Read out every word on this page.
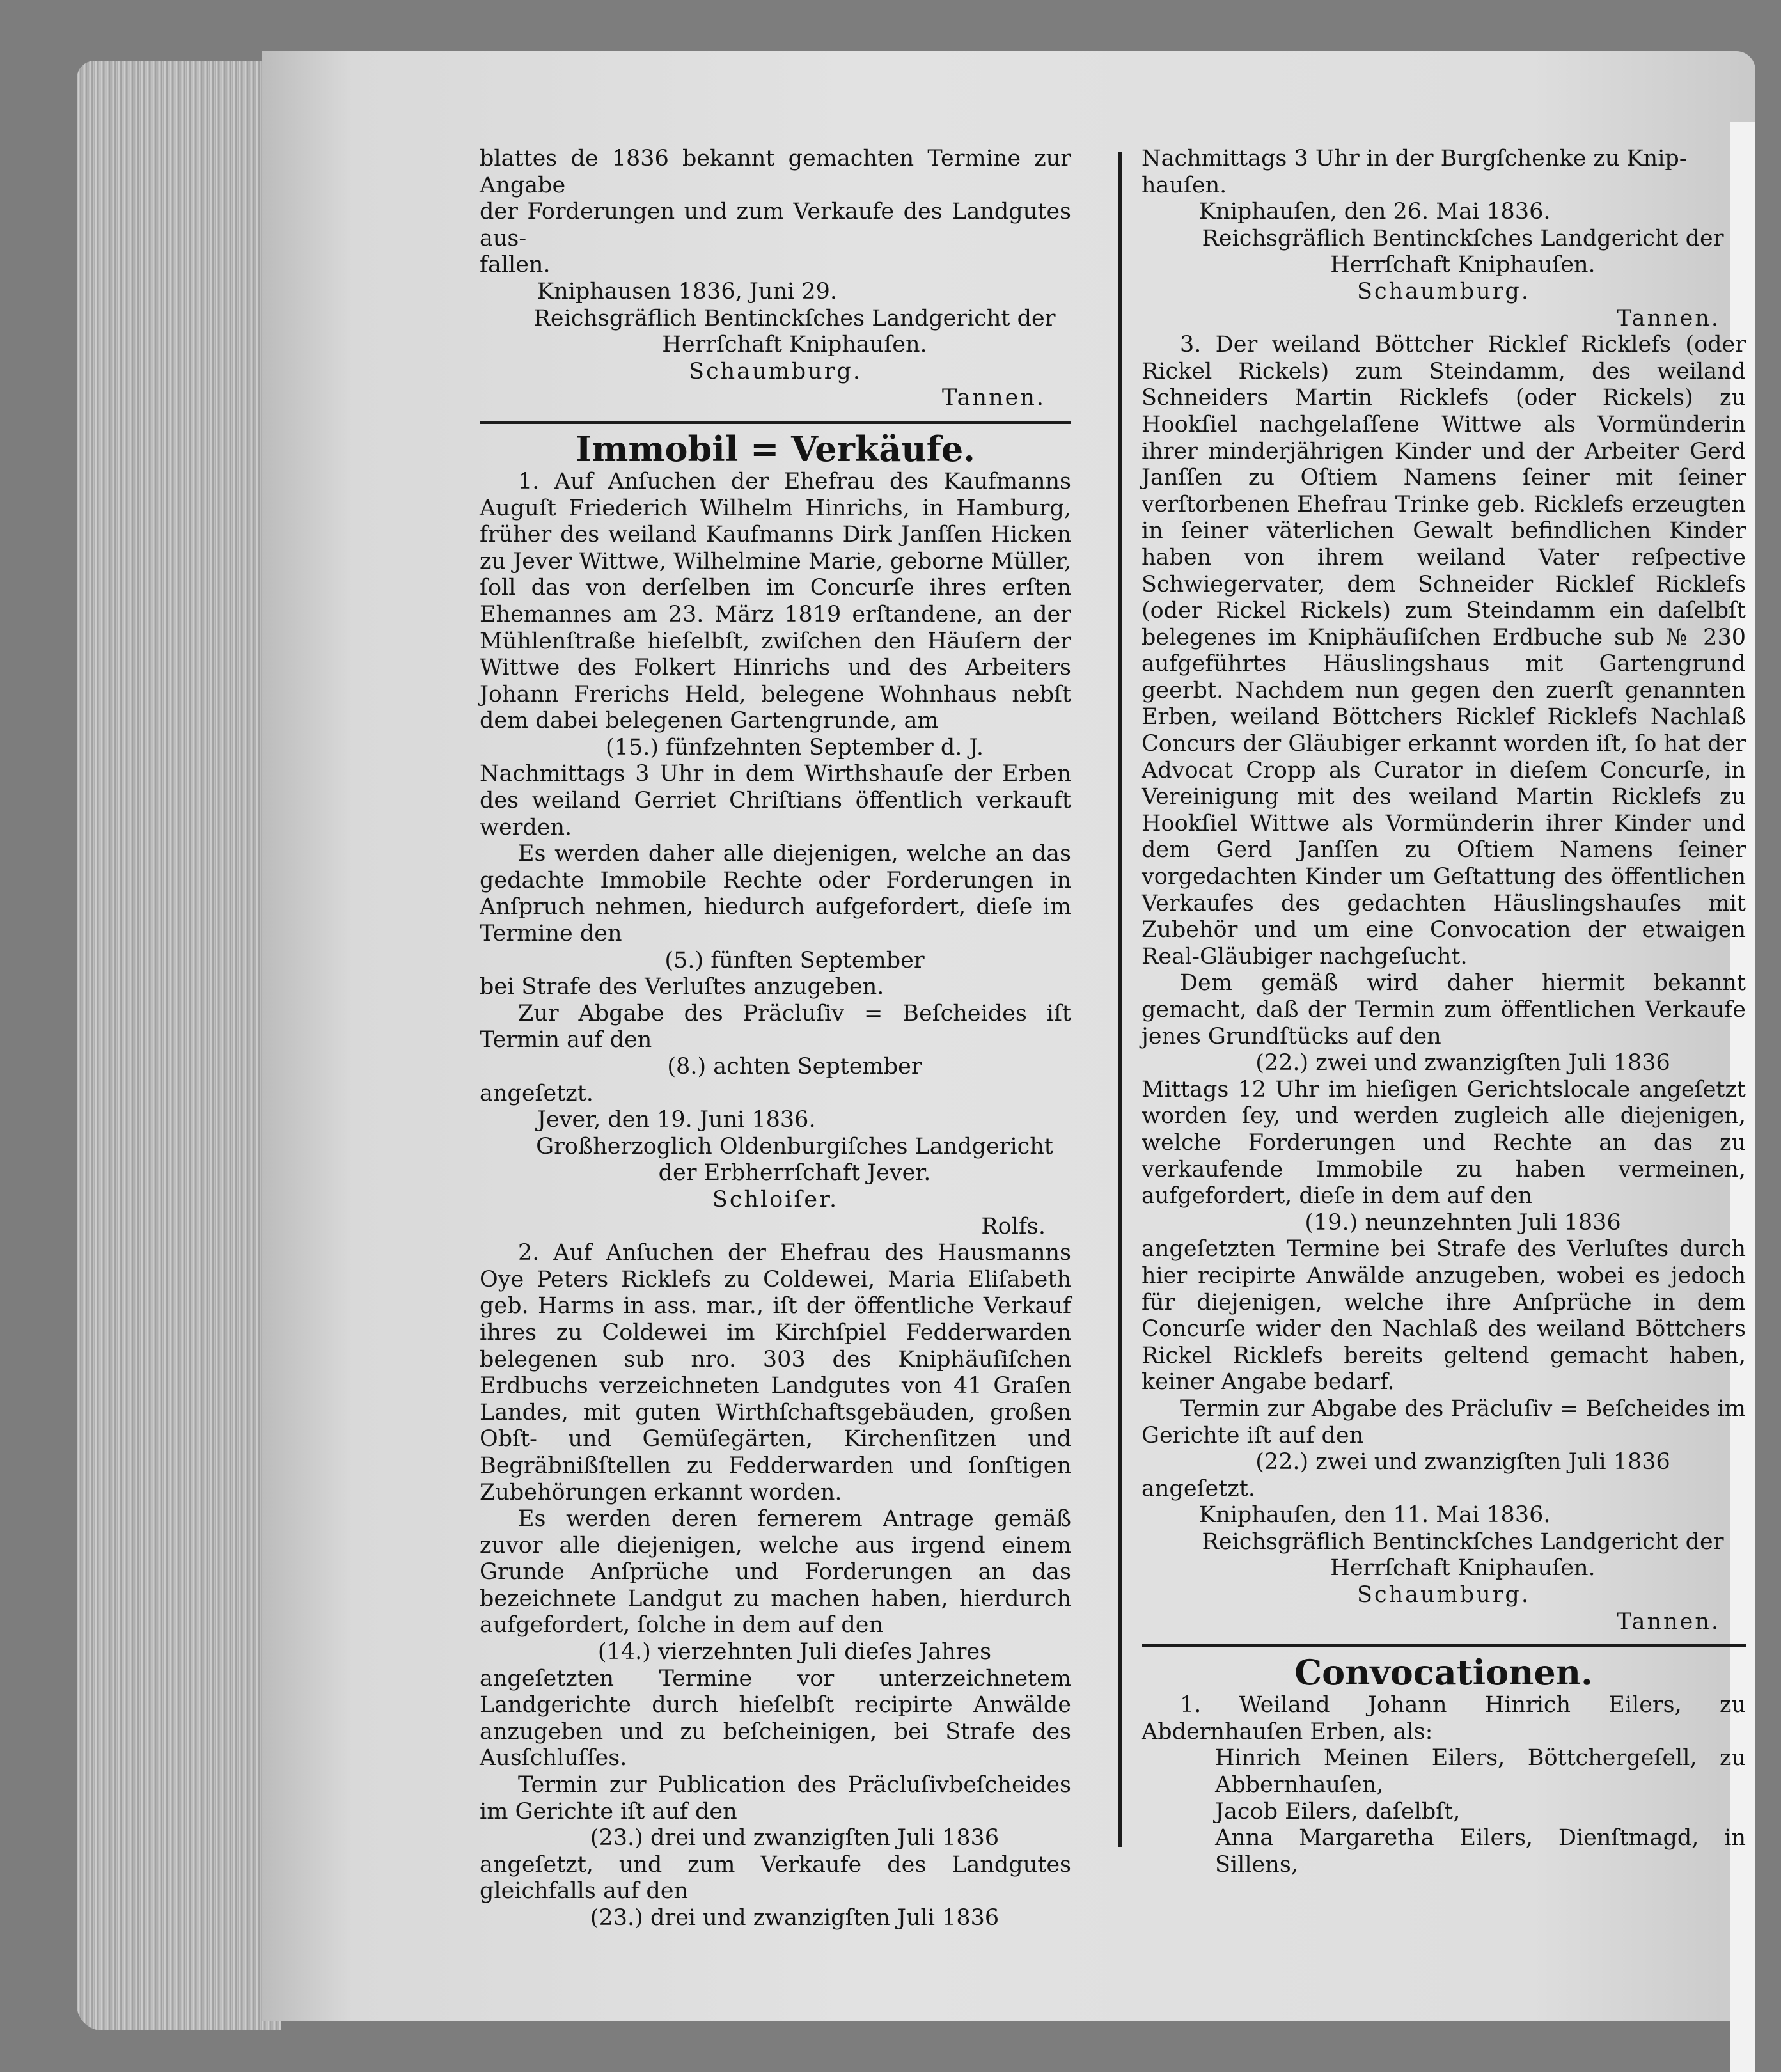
blattes de 1836 bekannt gemachten Termine zur Angabe

der Forderungen und zum Verkaufe des Landgutes aus-

fallen.

Kniphausen 1836, Juni 29.

Reichsgräflich Bentinckſches Landgericht der

Herrſchaft Kniphauſen.

Schaumburg.

Tannen.

Immobil = Verkäufe.

1. Auf Anſuchen der Ehefrau des Kaufmanns Auguſt Friederich Wilhelm Hinrichs, in Hamburg, früher des weiland Kaufmanns Dirk Janſſen Hicken zu Jever Wittwe, Wilhelmine Marie, geborne Müller, ſoll das von derſelben im Concurſe ihres erſten Ehemannes am 23. März 1819 erſtandene, an der Mühlenſtraße hieſelbſt, zwiſchen den Häuſern der Wittwe des Folkert Hinrichs und des Arbeiters Johann Frerichs Held, belegene Wohnhaus nebſt dem dabei belegenen Gartengrunde, am

(15.) fünfzehnten September d. J.

Nachmittags 3 Uhr in dem Wirthshauſe der Erben des weiland Gerriet Chriſtians öffentlich verkauft werden.

Es werden daher alle diejenigen, welche an das gedachte Immobile Rechte oder Forderungen in Anſpruch nehmen, hiedurch aufgefordert, dieſe im Termine den

(5.) fünften September

bei Strafe des Verluſtes anzugeben.

Zur Abgabe des Präcluſiv = Beſcheides iſt Termin auf den

(8.) achten September

angeſetzt.

Jever, den 19. Juni 1836.

Großherzoglich Oldenburgiſches Landgericht

der Erbherrſchaft Jever.

Schloiſer.

Rolfs.

2. Auf Anſuchen der Ehefrau des Hausmanns Oye Peters Ricklefs zu Coldewei, Maria Eliſabeth geb. Harms in ass. mar., iſt der öffentliche Verkauf ihres zu Coldewei im Kirchſpiel Fedderwarden belegenen sub nro. 303 des Kniphäuſiſchen Erdbuchs verzeichneten Landgutes von 41 Graſen Landes, mit guten Wirthſchaftsgebäuden, großen Obſt- und Gemüſegärten, Kirchenſitzen und Begräbnißſtellen zu Fedderwarden und ſonſtigen Zubehörungen erkannt worden.

Es werden deren fernerem Antrage gemäß zuvor alle diejenigen, welche aus irgend einem Grunde Anſprüche und Forderungen an das bezeichnete Landgut zu machen haben, hierdurch aufgefordert, ſolche in dem auf den

(14.) vierzehnten Juli dieſes Jahres

angeſetzten Termine vor unterzeichnetem Landgerichte durch hieſelbſt recipirte Anwälde anzugeben und zu beſcheinigen, bei Strafe des Ausſchluſſes.

Termin zur Publication des Präcluſivbeſcheides im Gerichte iſt auf den

(23.) drei und zwanzigſten Juli 1836

angeſetzt, und zum Verkaufe des Landgutes gleichfalls auf den

(23.) drei und zwanzigſten Juli 1836

Nachmittags 3 Uhr in der Burgſchenke zu Knip-

hauſen.

Kniphauſen, den 26. Mai 1836.

Reichsgräflich Bentinckſches Landgericht der

Herrſchaft Kniphauſen.

Schaumburg.

Tannen.

3. Der weiland Böttcher Ricklef Ricklefs (oder Rickel Rickels) zum Steindamm, des weiland Schneiders Martin Ricklefs (oder Rickels) zu Hookſiel nachgelaſſene Wittwe als Vormünderin ihrer minderjährigen Kinder und der Arbeiter Gerd Janſſen zu Oſtiem Namens ſeiner mit ſeiner verſtorbenen Ehefrau Trinke geb. Ricklefs erzeugten in ſeiner väterlichen Gewalt befindlichen Kinder haben von ihrem weiland Vater reſpective Schwiegervater, dem Schneider Ricklef Ricklefs (oder Rickel Rickels) zum Steindamm ein daſelbſt belegenes im Kniphäuſiſchen Erdbuche sub № 230 aufgeführtes Häuslingshaus mit Gartengrund geerbt. Nachdem nun gegen den zuerſt genannten Erben, weiland Böttchers Ricklef Ricklefs Nachlaß Concurs der Gläubiger erkannt worden iſt, ſo hat der Advocat Cropp als Curator in dieſem Concurſe, in Vereinigung mit des weiland Martin Ricklefs zu Hookſiel Wittwe als Vormünderin ihrer Kinder und dem Gerd Janſſen zu Oſtiem Namens ſeiner vorgedachten Kinder um Geſtattung des öffentlichen Verkaufes des gedachten Häuslingshauſes mit Zubehör und um eine Convocation der etwaigen Real-Gläubiger nachgeſucht.

Dem gemäß wird daher hiermit bekannt gemacht, daß der Termin zum öffentlichen Verkaufe jenes Grundſtücks auf den

(22.) zwei und zwanzigſten Juli 1836

Mittags 12 Uhr im hieſigen Gerichtslocale angeſetzt worden ſey, und werden zugleich alle diejenigen, welche Forderungen und Rechte an das zu verkaufende Immobile zu haben vermeinen, aufgefordert, dieſe in dem auf den

(19.) neunzehnten Juli 1836

angeſetzten Termine bei Strafe des Verluſtes durch hier recipirte Anwälde anzugeben, wobei es jedoch für diejenigen, welche ihre Anſprüche in dem Concurſe wider den Nachlaß des weiland Böttchers Rickel Ricklefs bereits geltend gemacht haben, keiner Angabe bedarf.

Termin zur Abgabe des Präcluſiv = Beſcheides im Gerichte iſt auf den

(22.) zwei und zwanzigſten Juli 1836

angeſetzt.

Kniphauſen, den 11. Mai 1836.

Reichsgräflich Bentinckſches Landgericht der

Herrſchaft Kniphauſen.

Schaumburg.

Tannen.

Convocationen.

1. Weiland Johann Hinrich Eilers, zu Abdernhauſen Erben, als:

Hinrich Meinen Eilers, Böttchergeſell, zu Abbernhauſen,

Jacob Eilers, daſelbſt,

Anna Margaretha Eilers, Dienſtmagd, in Sillens,
